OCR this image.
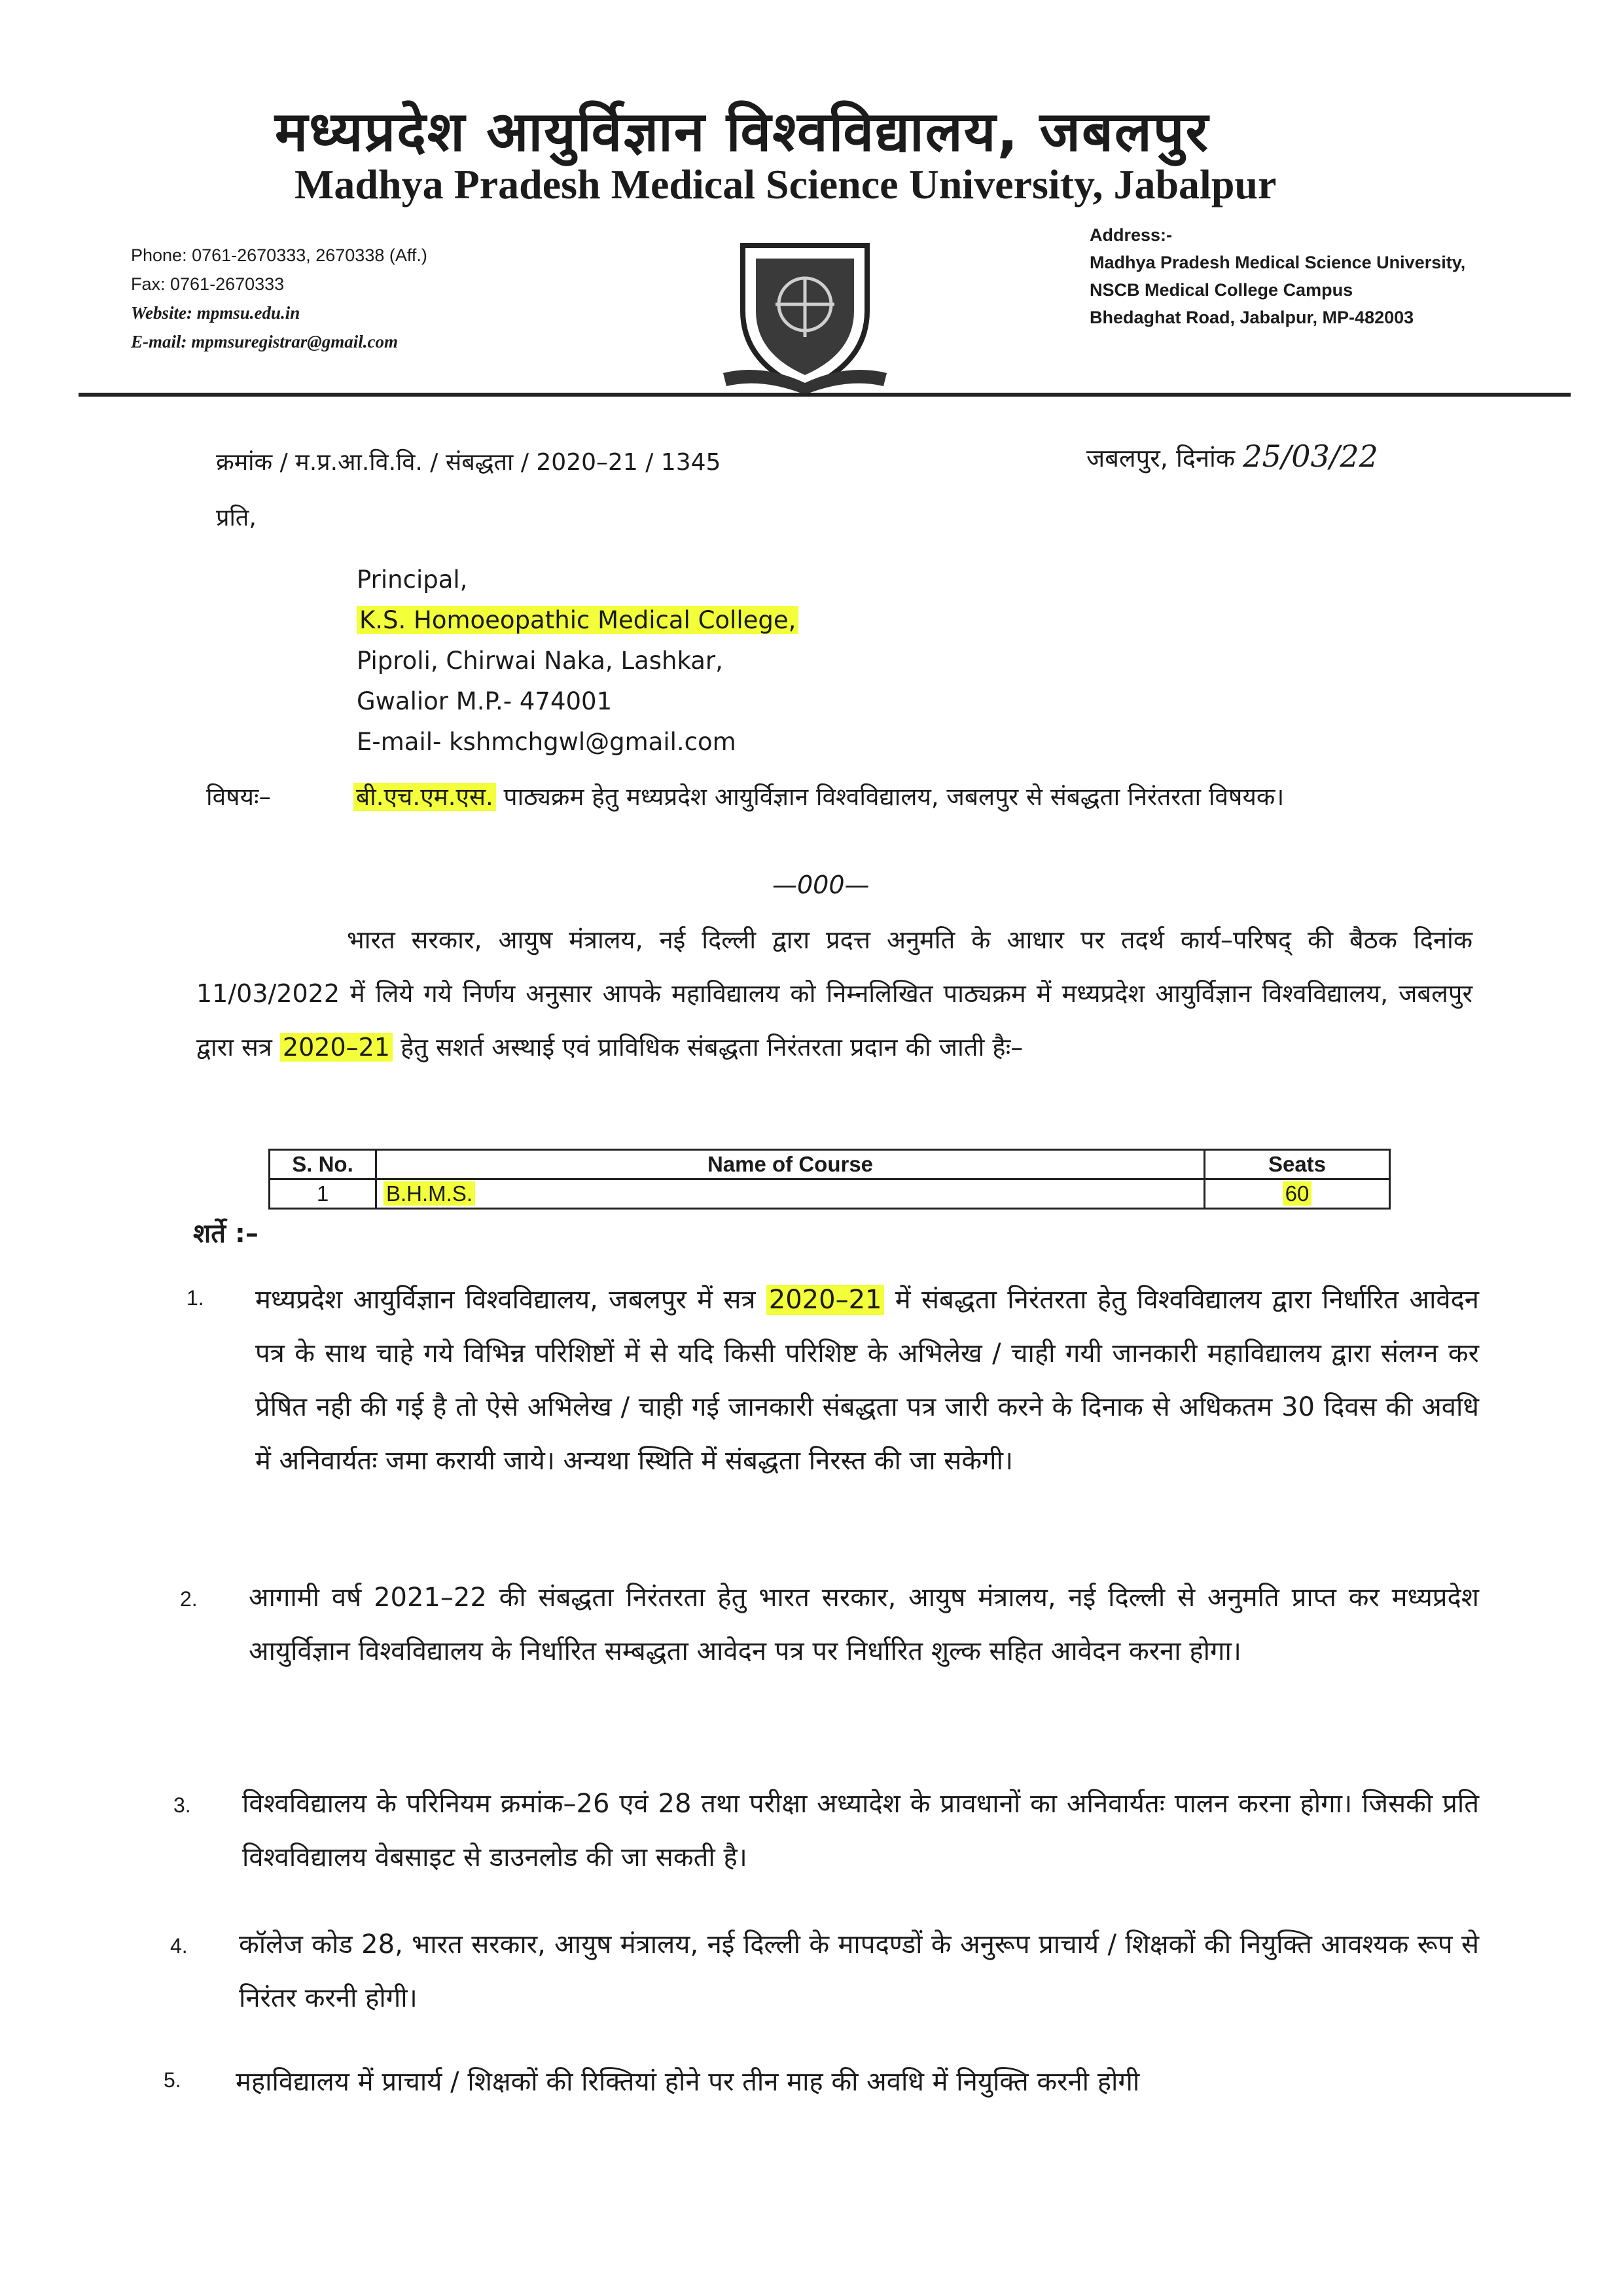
मध्यप्रदेश आयुर्विज्ञान विश्वविद्यालय, जबलपुर
Madhya Pradesh Medical Science University, Jabalpur
Phone: 0761-2670333, 2670338 (Aff.)
Fax: 0761-2670333
Website: mpmsu.edu.in
E-mail: mpmsuregistrar@gmail.com
Address:-
Madhya Pradesh Medical Science University,
NSCB Medical College Campus
Bhedaghat Road, Jabalpur, MP-482003
क्रमांक / म.प्र.आ.वि.वि. / संबद्धता / 2020–21 / 1345	जबलपुर, दिनांक 25/03/22
प्रति,
Principal,
K.S. Homoeopathic Medical College,
Piproli, Chirwai Naka, Lashkar,
Gwalior M.P.- 474001
E-mail- kshmchgwl@gmail.com
विषयः–	बी.एच.एम.एस. पाठ्यक्रम हेतु मध्यप्रदेश आयुर्विज्ञान विश्वविद्यालय, जबलपुर से संबद्धता निरंतरता विषयक।
—000—
भारत सरकार, आयुष मंत्रालय, नई दिल्ली द्वारा प्रदत्त अनुमति के आधार पर तदर्थ कार्य–परिषद् की बैठक दिनांक 11/03/2022 में लिये गये निर्णय अनुसार आपके महाविद्यालय को निम्नलिखित पाठ्यक्रम में मध्यप्रदेश आयुर्विज्ञान विश्वविद्यालय, जबलपुर द्वारा सत्र 2020–21 हेतु सशर्त अस्थाई एवं प्राविधिक संबद्धता निरंतरता प्रदान की जाती हैः–
S. No.	Name of Course	Seats
1	B.H.M.S.	60
शर्ते :–
1. मध्यप्रदेश आयुर्विज्ञान विश्वविद्यालय, जबलपुर में सत्र 2020–21 में संबद्धता निरंतरता हेतु विश्वविद्यालय द्वारा निर्धारित आवेदन पत्र के साथ चाहे गये विभिन्न परिशिष्टों में से यदि किसी परिशिष्ट के अभिलेख / चाही गयी जानकारी महाविद्यालय द्वारा संलग्न कर प्रेषित नही की गई है तो ऐसे अभिलेख / चाही गई जानकारी संबद्धता पत्र जारी करने के दिनाक से अधिकतम 30 दिवस की अवधि में अनिवार्यतः जमा करायी जाये। अन्यथा स्थिति में संबद्धता निरस्त की जा सकेगी।
2. आगामी वर्ष 2021–22 की संबद्धता निरंतरता हेतु भारत सरकार, आयुष मंत्रालय, नई दिल्ली से अनुमति प्राप्त कर मध्यप्रदेश आयुर्विज्ञान विश्वविद्यालय के निर्धारित सम्बद्धता आवेदन पत्र पर निर्धारित शुल्क सहित आवेदन करना होगा।
3. विश्वविद्यालय के परिनियम क्रमांक–26 एवं 28 तथा परीक्षा अध्यादेश के प्रावधानों का अनिवार्यतः पालन करना होगा। जिसकी प्रति विश्वविद्यालय वेबसाइट से डाउनलोड की जा सकती है।
4. कॉलेज कोड 28, भारत सरकार, आयुष मंत्रालय, नई दिल्ली के मापदण्डों के अनुरूप प्राचार्य / शिक्षकों की नियुक्ति आवश्यक रूप से निरंतर करनी होगी।
5. महाविद्यालय में प्राचार्य / शिक्षकों की रिक्तियां होने पर तीन माह की अवधि में नियुक्ति करनी होगी
